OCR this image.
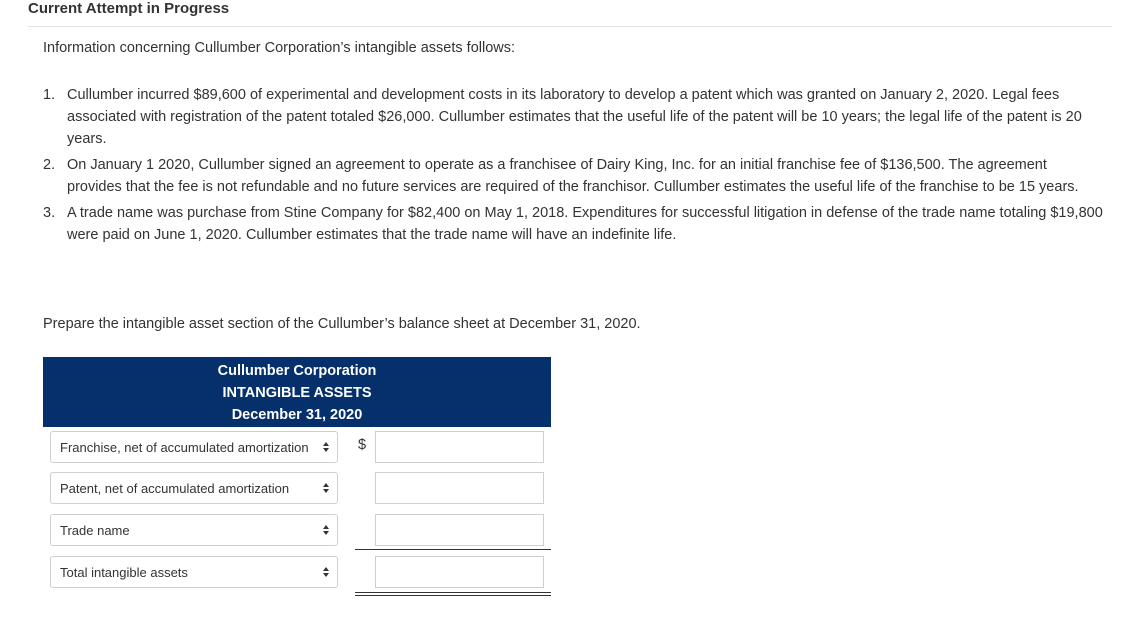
Current Attempt in Progress
Information concerning Cullumber Corporation’s intangible assets follows:
1. Cullumber incurred $89,600 of experimental and development costs in its laboratory to develop a patent which was granted on January 2, 2020. Legal fees associated with registration of the patent totaled $26,000. Cullumber estimates that the useful life of the patent will be 10 years; the legal life of the patent is 20 years.
2. On January 1 2020, Cullumber signed an agreement to operate as a franchisee of Dairy King, Inc. for an initial franchise fee of $136,500. The agreement provides that the fee is not refundable and no future services are required of the franchisor. Cullumber estimates the useful life of the franchise to be 15 years.
3. A trade name was purchase from Stine Company for $82,400 on May 1, 2018. Expenditures for successful litigation in defense of the trade name totaling $19,800 were paid on June 1, 2020. Cullumber estimates that the trade name will have an indefinite life.
Prepare the intangible asset section of the Cullumber’s balance sheet at December 31, 2020.
Cullumber Corporation
INTANGIBLE ASSETS
December 31, 2020
Franchise, net of accumulated amortization	$
Patent, net of accumulated amortization
Trade name
Total intangible assets
